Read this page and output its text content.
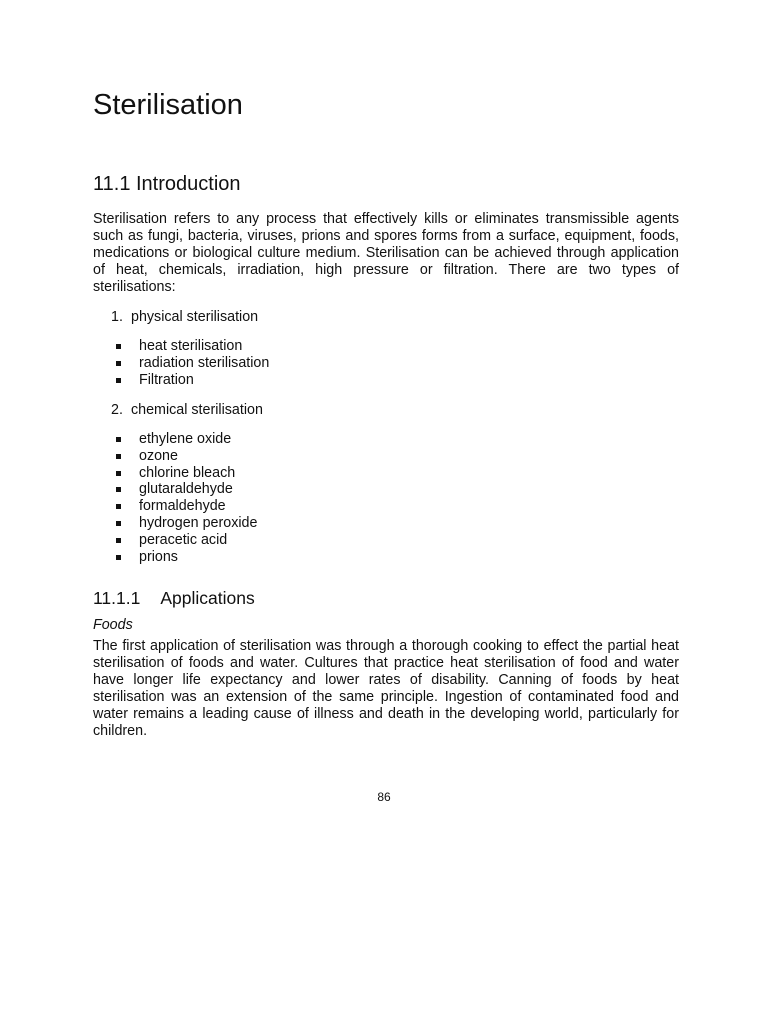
Sterilisation
11.1 Introduction

Sterilisation refers to any process that effectively kills or eliminates transmissible agents such as fungi, bacteria, viruses, prions and spores forms from a surface, equipment, foods, medications or biological culture medium. Sterilisation can be achieved through application of heat, chemicals, irradiation, high pressure or filtration. There are two types of sterilisations:

1. physical sterilisation

heat sterilisation
radiation sterilisation
Filtration

2. chemical sterilisation

ethylene oxide
ozone
chlorine bleach
glutaraldehyde
formaldehyde
hydrogen peroxide
peracetic acid
prions
11.1.1 Applications

Foods

The first application of sterilisation was through a thorough cooking to effect the partial heat sterilisation of foods and water. Cultures that practice heat sterilisation of food and water have longer life expectancy and lower rates of disability. Canning of foods by heat sterilisation was an extension of the same principle. Ingestion of contaminated food and water remains a leading cause of illness and death in the developing world, particularly for children.

86
